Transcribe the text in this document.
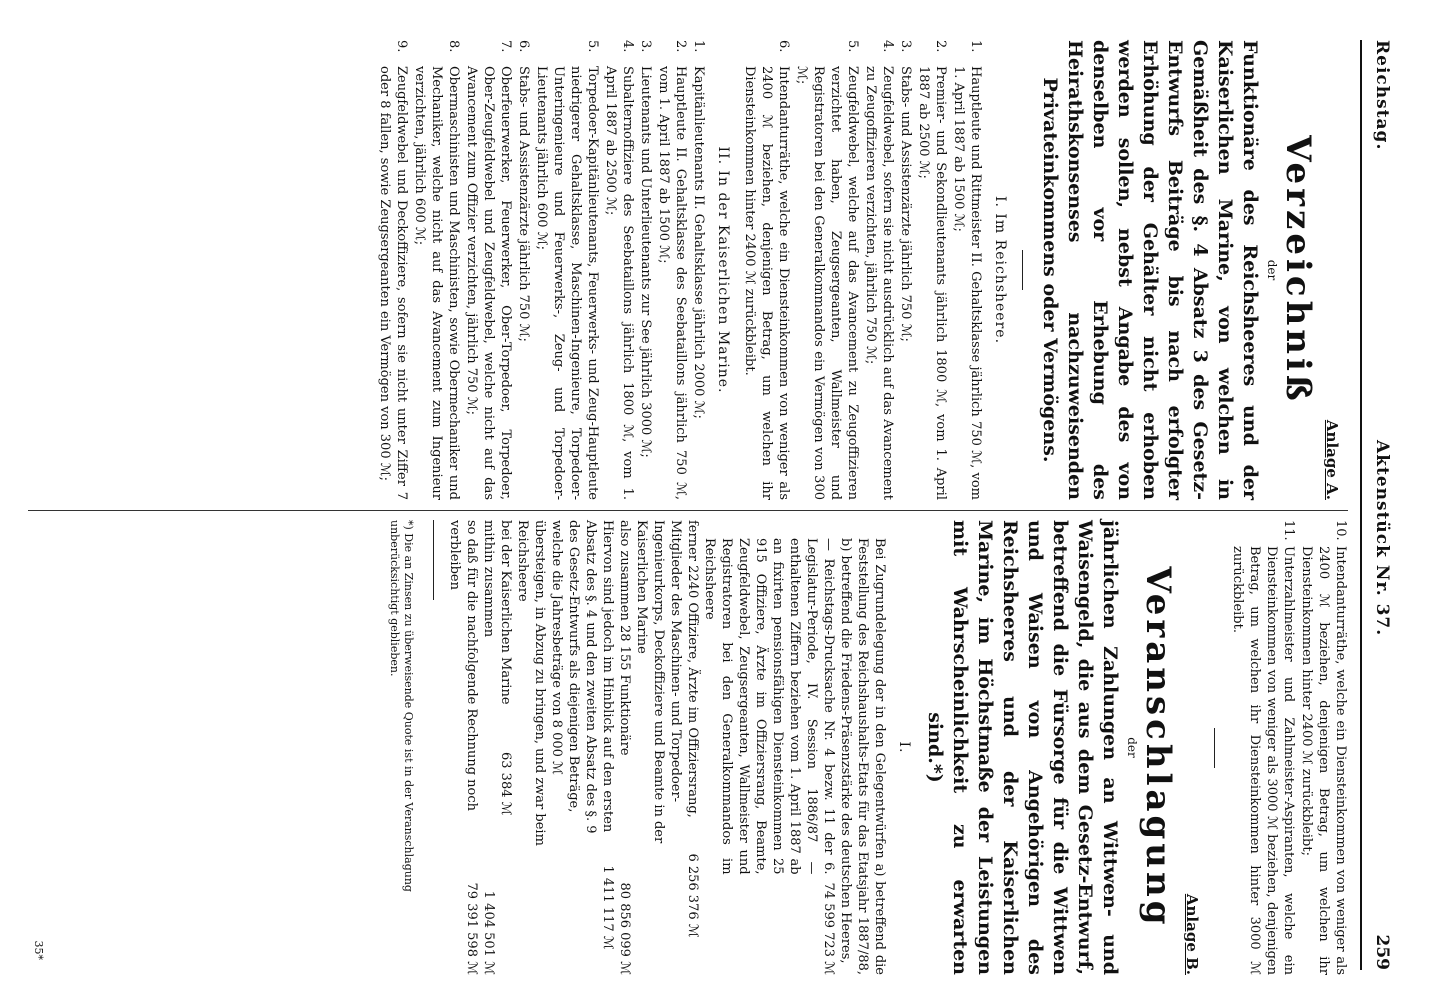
Reichstag.
Aktenstück Nr. 37.
259
Anlage A.
Verzeichniß
der
Funktionäre des Reichsheeres und der Kaiserlichen Marine, von welchen in Gemäßheit des §. 4 Absatz 3 des Gesetz-Entwurfs Beiträge bis nach erfolgter Erhöhung der Gehälter nicht erhoben werden sollen, nebst Angabe des von denselben vor Erhebung des Heirathskonsenses nachzuweisenden Privateinkommens oder Vermögens.
I. Im Reichsheere.
1.
Hauptleute und Rittmeister II. Gehaltsklasse jährlich 750 ℳ, vom 1. April 1887 ab 1500 ℳ;
2.
Premier- und Sekondlieutenants jährlich 1800 ℳ, vom 1. April 1887 ab 2500 ℳ;
3.
Stabs- und Assistenzärzte jährlich 750 ℳ;
4.
Zeugfeldwebel, sofern sie nicht ausdrücklich auf das Avancement zu Zeugoffizieren verzichten, jährlich 750 ℳ;
5.
Zeugfeldwebel, welche auf das Avancement zu Zeugoffizieren verzichtet haben, Zeugsergeanten, Wallmeister und Registratoren bei den Generalkommandos ein Vermögen von 300 ℳ;
6.
Intendanturräthe, welche ein Diensteinkommen von weniger als 2400 ℳ beziehen, denjenigen Betrag, um welchen ihr Diensteinkommen hinter 2400 ℳ zurückbleibt.
II. In der Kaiserlichen Marine.
1.
Kapitänlieutenants II. Gehaltsklasse jährlich 2000 ℳ;
2.
Hauptleute II. Gehaltsklasse des Seebataillons jährlich 750 ℳ, vom 1. April 1887 ab 1500 ℳ;
3.
Lieutenants und Unterlieutenants zur See jährlich 3000 ℳ;
4.
Subalternoffiziere des Seebataillons jährlich 1800 ℳ, vom 1. April 1887 ab 2500 ℳ;
5.
Torpedoer-Kapitänlieutenants, Feuerwerks- und Zeug-Hauptleute niedrigerer Gehaltsklasse, Maschinen-Ingenieure, Torpedoer-Unteringenieure und Feuerwerks-, Zeug- und Torpedoer-Lieutenants jährlich 600 ℳ;
6.
Stabs- und Assistenzärzte jährlich 750 ℳ;
7.
Oberfeuerwerker, Feuerwerker, Ober-Torpedoer, Torpedoer, Ober-Zeugfeldwebel und Zeugfeldwebel, welche nicht auf das Avancement zum Offizier verzichten, jährlich 750 ℳ;
8.
Obermaschinisten und Maschinisten, sowie Obermechaniker und Mechaniker, welche nicht auf das Avancement zum Ingenieur verzichten, jährlich 600 ℳ;
9.
Zeugfeldwebel und Deckoffiziere, sofern sie nicht unter Ziffer 7 oder 8 fallen, sowie Zeugsergeanten ein Vermögen von 300 ℳ;
10.
Intendanturräthe, welche ein Diensteinkommen von weniger als 2400 ℳ beziehen, denjenigen Betrag, um welchen ihr Diensteinkommen hinter 2400 ℳ zurückbleibt;
11.
Unterzahlmeister und Zahlmeister-Aspiranten, welche ein Diensteinkommen von weniger als 3000 ℳ beziehen, denjenigen Betrag, um welchen ihr Diensteinkommen hinter 3000 ℳ zurückbleibt.
Anlage B.
Veranschlagung
der
jährlichen Zahlungen an Wittwen- und Waisengeld, die aus dem Gesetz-Entwurf, betreffend die Fürsorge für die Wittwen und Waisen von Angehörigen des Reichsheeres und der Kaiserlichen Marine, im Höchstmaße der Leistungen mit Wahrscheinlichkeit zu erwarten sind.*)
I.
Bei Zugrundelegung der in den Gelegentwürfen a) betreffend die Feststellung des Reichshaushalts-Etats für das Etatsjahr 1887/88, b) betreffend die Friedens-Präsenzstärke des deutschen Heeres,
— Reichstags-Drucksache Nr. 4 bezw. 11 der 6. Legislatur-Periode, IV. Session 1886/87 — enthaltenen Ziffern beziehen vom 1. April 1887 ab an fixirten pensionsfähigen Diensteinkommen 25 915 Offiziere, Ärzte im Offiziersrang, Beamte, Zeugfeldwebel, Zeugsergeanten, Wallmeister und Registratoren bei den Generalkommandos im Reichsheere
74 599 723 ℳ
ferner 2240 Offiziere, Ärzte im Offiziersrang, Mitglieder des Maschinen- und Torpedoer-Ingenieurkorps, Deckoffiziere und Beamte in der Kaiserlichen Marine
6 256 376 ℳ
also zusammen 28 155 Funktionäre
80 856 099 ℳ
Hiervon sind jedoch im Hinblick auf den ersten Absatz des §. 4 und den zweiten Absatz des §. 9 des Gesetz-Entwurfs als diejenigen Beträge, welche die Jahresbeträge von 8 000 ℳ übersteigen, in Abzug zu bringen, und zwar beim Reichsheere
1 411 117 ℳ
bei der Kaiserlichen Marine
63 384 ℳ
mithin zusammen
1 404 501 ℳ
so daß für die nachfolgende Rechnung noch verbleiben
79 391 598 ℳ
*) Die an Zinsen zu überweisende Quote ist in der Veranschlagung unberücksichtigt geblieben.
35*
